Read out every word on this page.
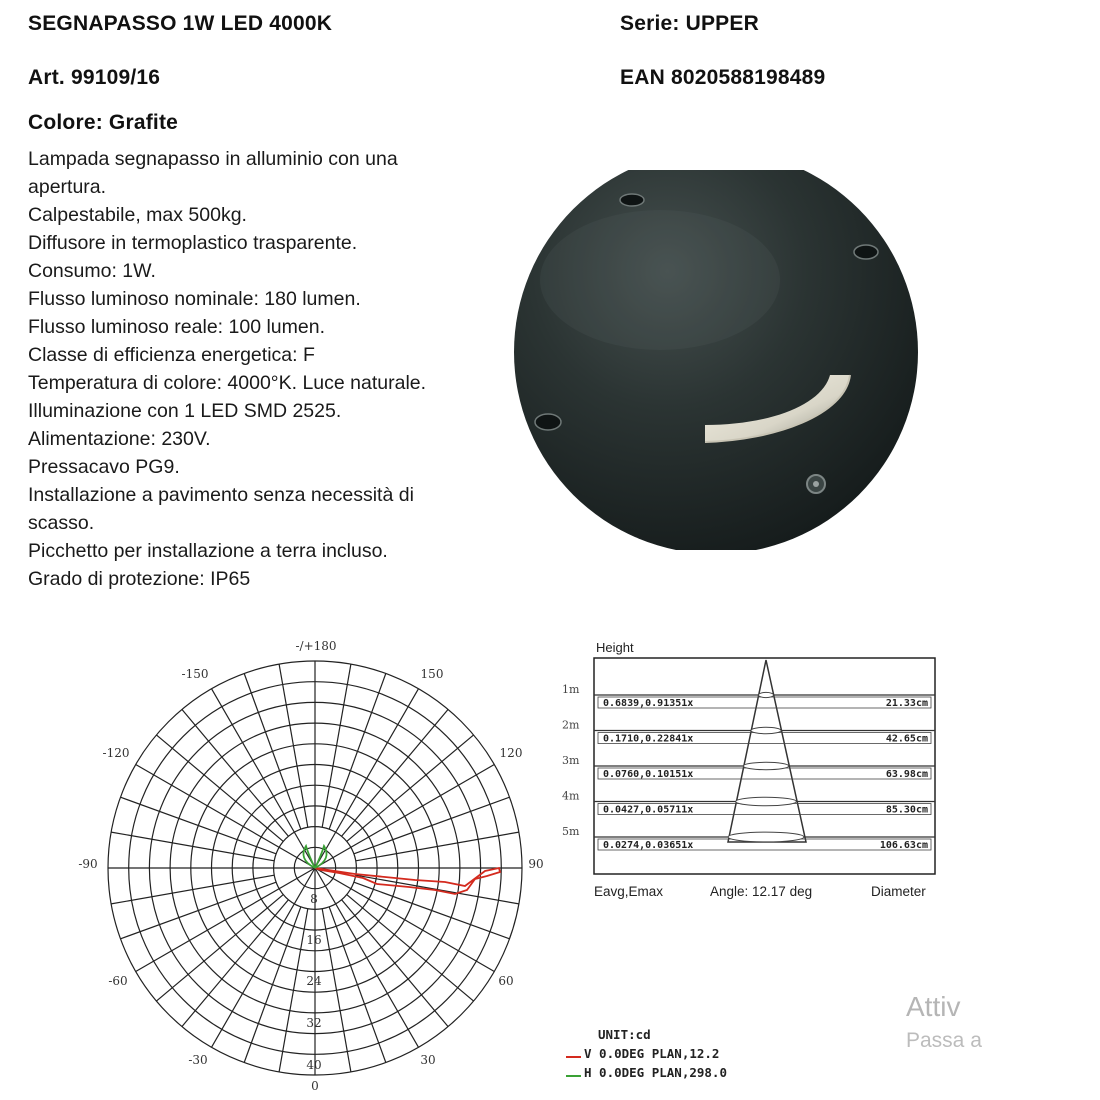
SEGNAPASSO 1W LED 4000K	Serie: UPPER
Art. 99109/16	EAN 8020588198489
Colore: Grafite
Lampada segnapasso in alluminio con una
apertura.
Calpestabile, max 500kg.
Diffusore in termoplastico trasparente.
Consumo: 1W.
Flusso luminoso nominale: 180 lumen.
Flusso luminoso reale: 100 lumen.
Classe di efficienza energetica: F
Temperatura di colore: 4000°K. Luce naturale.
Illuminazione con 1 LED SMD 2525.
Alimentazione: 230V.
Pressacavo PG9.
Installazione a pavimento senza necessità di
scasso.
Picchetto per installazione a terra incluso.
Grado di protezione: IP65
-/+180
-150	150
-120	120
-90	90
-60	60
-30	30
0
8
16
24
32
40
Height
1m
0.6839,0.91351x	21.33cm
2m
0.1710,0.22841x	42.65cm
3m
0.0760,0.10151x	63.98cm
4m
0.0427,0.05711x	85.30cm
5m
0.0274,0.03651x	106.63cm
Eavg,Emax	Angle: 12.17 deg	Diameter
UNIT:cd
V 0.0DEG PLAN,12.2
H 0.0DEG PLAN,298.0
Attiv
Passa a
